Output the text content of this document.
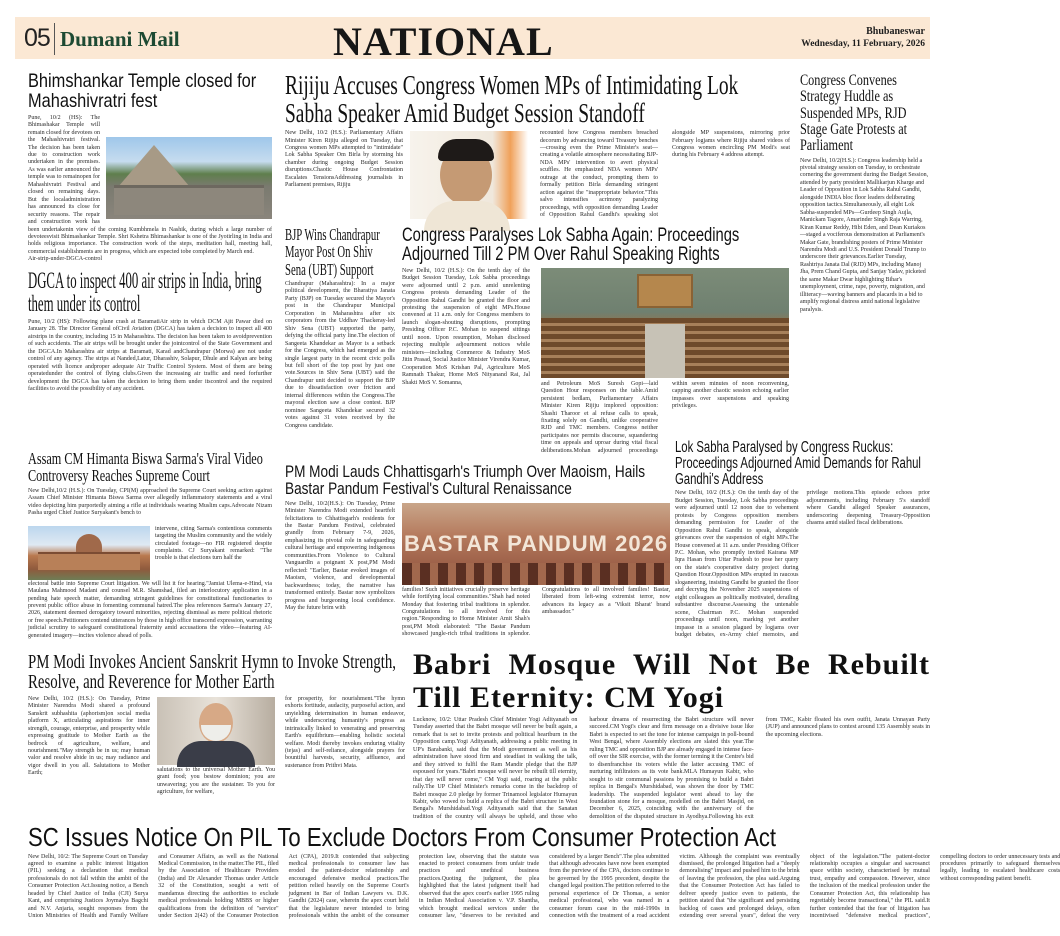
05 Dumani Mail	NATIONAL	Bhubaneswar
Wednesday, 11 February, 2026
Bhimshankar Temple closed for Mahashivratri fest
Pune, 10/2 (HS): The Bhimashakar Temple will remain closed for devotees on the Mahashivratri festival. The decision has been taken due to construction work undertaken in the premises. As was earlier announced the temple was to remainopen for Mahashivratri Festival and closed on remaining days. But the localadministration has announced its close for security reasons. The repair and construction work has been undertakenin view of the coming Kumbhmela in Nashik, during which a large number of devoteesvisit Bhimashankar Temple. Shri Kshetra Bhimashankar is one of the Jyotirling in India and holds religious importance. The construction work of the steps, meditation hall, meeting hall, commercial establishments are in progress, which are expected tobe completed by March end.
Air-strip-under-DGCA-control
DGCA to inspect 400 air strips in India, bring them under its control
Pune, 10/2 (HS): Following plane crash at BaramatiAir strip in which DCM Ajit Pawar died on January 28. The Director General ofCivil Aviation (DGCA) has taken a decision to inspect all 400 airstrips in the country, including 15 in Maharashtra. The decision has been taken to avoidprevention of such accidents. The air strips will be brought under the jointcontrol of the State Government and the DGCA.In Maharashtra air strips at Baramati, Karad andChandrapur (Morwa) are not under control of any agency. The strips at Nanded,Latur, Dharashiv, Solapur, Dhule and Kalyan are being operated with licence andproper adequate Air Traffic Control System. Most of them are being operatedunder the control of flying clubs.Given the increasing air traffic and need forfurther development the DGCA has taken the decision to bring them under itscontrol and the required facilities to avoid the possibility of any accident.
Assam CM Himanta Biswa Sarma's Viral Video Controversy Reaches Supreme Court
New Delhi,10/2 (H.S.): On Tuesday, CPI(M) approached the Supreme Court seeking action against Assam Chief Minister Himanta Biswa Sarma over allegedly inflammatory statements and a viral video depicting him purportedly aiming a rifle at individuals wearing Muslim caps.Advocate Nizam Pasha urged Chief Justice Suryakant's bench to
intervene, citing Sarma's contentious comments targeting the Muslim community and the widely circulated footage—no FIR registered despite complaints. CJ Suryakant remarked: "The trouble is that elections turn half the
electoral battle into Supreme Court litigation. We will list it for hearing."Jamiat Ulema-e-Hind, via Maulana Mahmood Madani and counsel M.R. Shamshad, filed an interlocutory application in a pending hate speech matter, demanding stringent guidelines for constitutional functionaries to prevent public office abuse in fomenting communal hatred.The plea references Sarma's January 27, 2026, statement deemed derogatory toward minorities, rejecting dismissal as mere political rhetoric or free speech.Petitioners contend utterances by those in high office transcend expression, warranting judicial scrutiny to safeguard constitutional fraternity amid accusations the video—featuring AI-generated imagery—incites violence ahead of polls.
Rijiju Accuses Congress Women MPs of Intimidating Lok Sabha Speaker Amid Budget Session Standoff
New Delhi, 10/2 (H.S.): Parliamentary Affairs Minister Kiren Rijiju alleged on Tuesday, that Congress women MPs attempted to "intimidate" Lok Sabha Speaker Om Birla by storming his chamber during ongoing Budget Session disruptions.Chaotic House Confrontation Escalates TensionsAddressing journalists in Parliament premises, Rijiju
recounted how Congress members breached decorum by advancing toward Treasury benches—crossing even the Prime Minister's seat—creating a volatile atmosphere necessitating BJP-NDA MPs' intervention to avert physical scuffles. He emphasized NDA women MPs' outrage at the conduct, prompting them to formally petition Birla demanding stringent action against the "inappropriate behavior."This salvo intensifies acrimony paralyzing proceedings, with opposition demanding Leader of Opposition Rahul Gandhi's speaking slot alongside MP suspensions, mirroring prior February logjams where Rijiju shared videos of Congress women encircling PM Modi's seat during his February 4 address attempt.
BJP Wins Chandrapur Mayor Post On Shiv Sena (UBT) Support
Chandrapur (Maharashtra): In a major political development, the Bharatiya Janata Party (BJP) on Tuesday secured the Mayor's post in the Chandrapur Municipal Corporation in Maharashtra after six corporators from the Uddhav Thackeray-led Shiv Sena (UBT) supported the party, defying the official party line.The election of Sangeeta Khandekar as Mayor is a setback for the Congress, which had emerged as the single largest party in the recent civic polls but fell short of the top post by just one vote.Sources in Shiv Sena (UBT) said the Chandrapur unit decided to support the BJP due to dissatisfaction over friction and internal differences within the Congress.The mayoral election saw a close contest. BJP nominee Sangeeta Khandekar secured 32 votes against 31 votes received by the Congress candidate.
Congress Paralyses Lok Sabha Again: Proceedings Adjourned Till 2 PM Over Rahul Speaking Rights
New Delhi, 10/2 (H.S.): On the tenth day of the Budget Session Tuesday, Lok Sabha proceedings were adjourned until 2 p.m. amid unrelenting Congress protests demanding Leader of the Opposition Rahul Gandhi be granted the floor and protesting the suspension of eight MPs.House convened at 11 a.m. only for Congress members to launch slogan-shouting disruptions, prompting Presiding Officer P.C. Mohan to suspend sittings until noon. Upon resumption, Mohan disclosed rejecting multiple adjournment notices while ministers—including Commerce & Industry MoS Jitin Prasad, Social Justice Minister Virendra Kumar, Cooperation MoS Krishan Pal, Agriculture MoS Ramnath Thakur, Home MoS Nityanand Rai, Jal Shakti MoS V. Somanna,	and Petroleum MoS Suresh Gopi—laid Question Hour responses on the table.Amid persistent bedlam, Parliamentary Affairs Minister Kiren Rijiju implored opposition: Shashi Tharoor et al refuse calls to speak, fixating solely on Gandhi, unlike cooperative RJD and TMC members. Congress neither participates nor permits discourse, squandering time on appeals and uproar during vital fiscal deliberations.Mohan adjourned proceedings within seven minutes of noon reconvening, capping another chaotic session echoing earlier impasses over suspensions and speaking privileges.
Congress Convenes Strategy Huddle as Suspended MPs, RJD Stage Gate Protests at Parliament
New Delhi, 10/2(H.S.): Congress leadership held a pivotal strategy session on Tuesday, to orchestrate cornering the government during the Budget Session, attended by party president Mallikarjun Kharge and Leader of Opposition in Lok Sabha Rahul Gandhi, alongside INDIA bloc floor leaders deliberating opposition tactics.Simultaneously, all eight Lok Sabha-suspended MPs—Gurdeep Singh Aujla, Manickam Tagore, Amarinder Singh Raja Warring, Kiran Kumar Reddy, Hibi Eden, and Dean Kuriakos—staged a vociferous demonstration at Parliament's Makar Gate, brandishing posters of Prime Minister Narendra Modi and U.S. President Donald Trump to underscore their grievances.Earlier Tuesday, Rashtriya Janata Dal (RJD) MPs, including Manoj Jha, Prem Chand Gupta, and Sanjay Yadav, picketed the same Makar Dwar highlighting Bihar's unemployment, crime, rape, poverty, migration, and illiteracy—waving banners and placards in a bid to amplify regional distress amid national legislative paralysis.
PM Modi Lauds Chhattisgarh's Triumph Over Maoism, Hails Bastar Pandum Festival's Cultural Renaissance
New Delhi, 10/2(H.S.): On Tuesday, Prime Minister Narendra Modi extended heartfelt felicitations to Chhattisgarh's residents for the Bastar Pandum Festival, celebrated grandly from February 7-9, 2026, emphasizing its pivotal role in safeguarding cultural heritage and empowering indigenous communities.From Violence to Cultural VanguardIn a poignant X post,PM Modi reflected: "Earlier, Bastar evoked images of Maoism, violence, and developmental backwardness; today, the narrative has transformed entirely. Bastar now symbolizes progress and burgeoning local confidence. May the future brim with
BASTAR PANDUM 2026
families! Such initiatives crucially preserve heritage while fortifying local communities."Shah had noted Monday that fostering tribal traditions in splendor. Congratulations to all involved for this region."Responding to Home Minister Amit Shah's post,PM Modi elaborated: "The Bastar Pandum showcased jungle-rich tribal traditions in splendor. Congratulations to all involved families! Bastar, liberated from left-wing extremist terror, now advances its legacy as a 'Viksit Bharat' brand ambassador."
Lok Sabha Paralysed by Congress Ruckus: Proceedings Adjourned Amid Demands for Rahul Gandhi's Address
New Delhi, 10/2 (H.S.): On the tenth day of the Budget Session, Tuesday, Lok Sabha proceedings were adjourned until 12 noon due to vehement protests by Congress opposition members demanding permission for Leader of the Opposition Rahul Gandhi to speak, alongside grievances over the suspension of eight MPs.The House convened at 11 a.m. under Presiding Officer P.C. Mohan, who promptly invited Kairana MP Iqra Hasan from Uttar Pradesh to pose her query on the state's cooperative dairy project during Question Hour.Opposition MPs erupted in raucous sloganeering, insisting Gandhi be granted the floor and decrying the November 2025 suspensions of eight colleagues as politically motivated, derailing substantive discourse.Assessing the untenable scene, Chairman P.C. Mohan suspended proceedings until noon, marking yet another impasse in a session plagued by logjams over budget debates, ex-Army chief memoirs, and privilege motions.This episode echoes prior adjournments, including February 5's standoff where Gandhi alleged Speaker assurances, underscoring deepening Treasury-Opposition chasms amid stalled fiscal deliberations.
PM Modi Invokes Ancient Sanskrit Hymn to Invoke Strength, Resolve, and Reverence for Mother Earth
New Delhi, 10/2 (H.S.): On Tuesday, Prime Minister Narendra Modi shared a profound Sanskrit subhashita (aphorism)on social media platform X, articulating aspirations for inner strength, courage, enterprise, and prosperity while expressing gratitude to Mother Earth as the bedrock of agriculture, welfare, and nourishment."May strength be in us; may human valor and resolve abide in us; may radiance and vigor dwell in you all. Salutations to Mother Earth;
salutations to the universal Mother Earth. You grant food; you bestow dominion; you are unwavering; you are the sustainer. To you for agriculture, for welfare,
for prosperity, for nourishment."The hymn exhorts fortitude, audacity, purposeful action, and unyielding determination in human endeavor, while underscoring humanity's progress as intrinsically linked to venerating and preserving Earth's equilibrium—enabling holistic societal welfare. Modi thereby invokes enduring vitality (tejas) and self-reliance, alongside prayers for bountiful harvests, security, affluence, and sustenance from Prithvi Mata.
Babri Mosque Will Not Be Rebuilt Till Eternity: CM Yogi
Lucknow, 10/2: Uttar Pradesh Chief Minister Yogi Adityanath on Tuesday asserted that the Babri mosque will never be built again, a remark that is set to invite protests and political heartburn in the Opposition camp.Yogi Adityanath, addressing a public meeting in UP's Barabanki, said that the Modi government as well as his administration have stood firm and steadfast in walking the talk, and they strived to fulfil the Ram Mandir pledge that the BJP espoused for years."Babri mosque will never be rebuilt till eternity, that day will never come," CM Yogi said, roaring at the public rally.The UP Chief Minister's remarks come in the backdrop of Babri mosque 2.0 pledge by former Trinamool legislator Humayun Kabir, who vowed to build a replica of the Babri structure in West Bengal's Murshidabad.Yogi Adityanath said that the Sanatan tradition of the country will always be upheld, and those who harbour dreams of resurrecting the Babri structure will never succeed.CM Yogi's clear and firm message on a divisive issue like Babri is expected to set the tone for intense campaign in poll-bound West Bengal, where Assembly elections are slated this year.The ruling TMC and opposition BJP are already engaged in intense face-off over the SIR exercise, with the former terming it the Centre's bid to disenfranchise its voters while the latter accusing TMC of nurturing infiltrators as its vote bank.MLA Humayun Kabir, who sought to stir communal passions by promising to build a Babri replica in Bengal's Murshidabad, was shown the door by TMC leadership. The suspended legislator went ahead to lay the foundation stone for a mosque, modelled on the Babri Masjid, on December 6, 2025, coinciding with the anniversary of the demolition of the disputed structure in Ayodhya.Following his exit from TMC, Kabir floated his own outfit, Janata Unnayan Party (JUP) and announced plans to contest around 135 Assembly seats in the upcoming elections.
SC Issues Notice On PIL To Exclude Doctors From Consumer Protection Act
New Delhi, 10/2: The Supreme Court on Tuesday agreed to examine a public interest litigation (PIL) seeking a declaration that medical professionals do not fall within the ambit of the Consumer Protection Act.Issuing notice, a Bench headed by Chief Justice of India (CJI) Surya Kant, and comprising Justices Joymalya Bagchi and N.V. Anjaria, sought responses from the Union Ministries of Health and Family Welfare and Consumer Affairs, as well as the National Medical Commission, in the matter.The PIL, filed by the Association of Healthcare Providers (India) and Dr Alexander Thomas under Article 32 of the Constitution, sought a writ of mandamus directing the authorities to exclude medical professionals holding MBBS or higher qualifications from the definition of "service" under Section 2(42) of the Consumer Protection Act (CPA), 2019.It contended that subjecting medical professionals to consumer law has eroded the patient-doctor relationship and encouraged defensive medical practices.The petition relied heavily on the Supreme Court's judgment in Bar of Indian Lawyers vs. D.K. Gandhi (2024) case, wherein the apex court held that the legislature never intended to bring professionals within the ambit of the consumer protection law, observing that the statute was enacted to protect consumers from unfair trade practices and unethical business practices.Quoting the judgment, the plea highlighted that the latest judgment itself had observed that the apex court's earlier 1995 ruling in Indian Medical Association v. V.P. Shantha, which brought medical services under the consumer law, "deserves to be revisited and considered by a larger Bench".The plea submitted that although advocates have now been exempted from the purview of the CPA, doctors continue to be governed by the 1995 precedent, despite the changed legal position.The petition referred to the personal experience of Dr Thomas, a senior medical professional, who was named in a consumer forum case in the mid-1990s in connection with the treatment of a road accident victim. Although the complaint was eventually dismissed, the prolonged litigation had a "deeply demoralising" impact and pushed him to the brink of leaving the profession, the plea said.Arguing that the Consumer Protection Act has failed to deliver speedy justice even to patients, the petition stated that "the significant and persisting backlog of cases and prolonged delays, often extending over several years", defeat the very object of the legislation."The patient-doctor relationship occupies a singular and sacrosanct space within society, characterised by mutual trust, empathy and compassion. However, since the inclusion of the medical profession under the Consumer Protection Act, this relationship has regrettably become transactional," the PIL said.It further contended that the fear of litigation has incentivised "defensive medical practices", compelling doctors to order unnecessary tests and procedures primarily to safeguard themselves legally, leading to escalated healthcare costs without corresponding patient benefit.
